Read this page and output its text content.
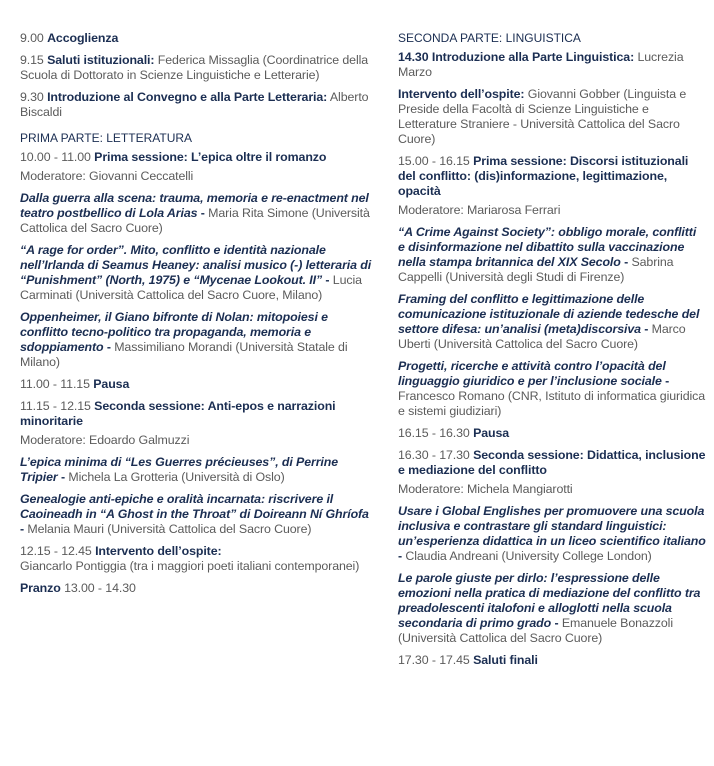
9.00 Accoglienza
9.15 Saluti istituzionali: Federica Missaglia (Coordinatrice della Scuola di Dottorato in Scienze Linguistiche e Letterarie)
9.30 Introduzione al Convegno e alla Parte Letteraria: Alberto Biscaldi
PRIMA PARTE: LETTERATURA
10.00 - 11.00 Prima sessione: L’epica oltre il romanzo
Moderatore: Giovanni Ceccatelli
Dalla guerra alla scena: trauma, memoria e re-enactment nel teatro postbellico di Lola Arias - Maria Rita Simone (Università Cattolica del Sacro Cuore)
“A rage for order”. Mito, conflitto e identità nazionale nell’Irlanda di Seamus Heaney: analisi musico (-) letteraria di “Punishment” (North, 1975) e “Mycenae Lookout. II” - Lucia Carminati (Università Cattolica del Sacro Cuore, Milano)
Oppenheimer, il Giano bifronte di Nolan: mitopoiesi e conflitto tecno-politico tra propaganda, memoria e sdoppiamento - Massimiliano Morandi (Università Statale di Milano)
11.00 - 11.15 Pausa
11.15 - 12.15 Seconda sessione: Anti-epos e narrazioni minoritarie
Moderatore: Edoardo Galmuzzi
L’epica minima di “Les Guerres précieuses”, di Perrine Tripier - Michela La Grotteria (Università di Oslo)
Genealogie anti-epiche e oralità incarnata: riscrivere il Caoineadh in “A Ghost in the Throat” di Doireann Ní Ghríofa - Melania Mauri (Università Cattolica del Sacro Cuore)
12.15 - 12.45 Intervento dell’ospite:
Giancarlo Pontiggia (tra i maggiori poeti italiani contemporanei)
Pranzo 13.00 - 14.30
SECONDA PARTE: LINGUISTICA
14.30 Introduzione alla Parte Linguistica: Lucrezia Marzo
Intervento dell’ospite: Giovanni Gobber (Linguista e Preside della Facoltà di Scienze Linguistiche e Letterature Straniere - Università Cattolica del Sacro Cuore)
15.00 - 16.15 Prima sessione: Discorsi istituzionali del conflitto: (dis)informazione, legittimazione, opacità
Moderatore: Mariarosa Ferrari
“A Crime Against Society”: obbligo morale, conflitti e disinformazione nel dibattito sulla vaccinazione nella stampa britannica del XIX Secolo - Sabrina Cappelli (Università degli Studi di Firenze)
Framing del conflitto e legittimazione delle comunicazione istituzionale di aziende tedesche del settore difesa: un’analisi (meta)discorsiva - Marco Uberti (Università Cattolica del Sacro Cuore)
Progetti, ricerche e attività contro l’opacità del linguaggio giuridico e per l’inclusione sociale - Francesco Romano (CNR, Istituto di informatica giuridica e sistemi giudiziari)
16.15 - 16.30 Pausa
16.30 - 17.30 Seconda sessione: Didattica, inclusione e mediazione del conflitto
Moderatore: Michela Mangiarotti
Usare i Global Englishes per promuovere una scuola inclusiva e contrastare gli standard linguistici: un’esperienza didattica in un liceo scientifico italiano - Claudia Andreani (University College London)
Le parole giuste per dirlo: l’espressione delle emozioni nella pratica di mediazione del conflitto tra preadolescenti italofoni e alloglotti nella scuola secondaria di primo grado - Emanuele Bonazzoli (Università Cattolica del Sacro Cuore)
17.30 - 17.45 Saluti finali
